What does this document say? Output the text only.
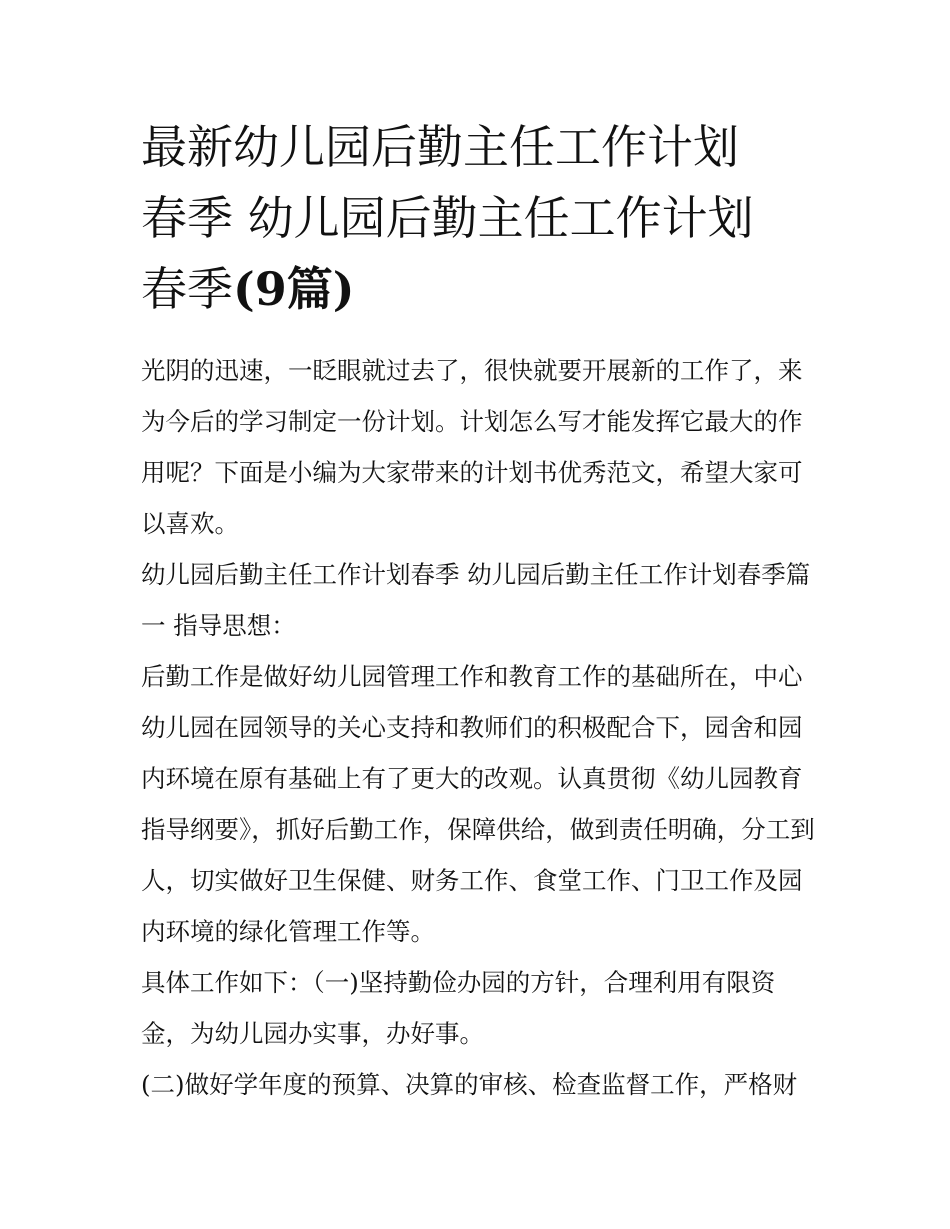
最新幼儿园后勤主任工作计划
春季 幼儿园后勤主任工作计划
春季(9篇)

光阴的迅速，一眨眼就过去了，很快就要开展新的工作了，来为今后的学习制定一份计划。计划怎么写才能发挥它最大的作用呢？下面是小编为大家带来的计划书优秀范文，希望大家可以喜欢。

幼儿园后勤主任工作计划春季 幼儿园后勤主任工作计划春季篇一 指导思想：

后勤工作是做好幼儿园管理工作和教育工作的基础所在，中心幼儿园在园领导的关心支持和教师们的积极配合下，园舍和园内环境在原有基础上有了更大的改观。认真贯彻《幼儿园教育指导纲要》，抓好后勤工作，保障供给，做到责任明确，分工到人，切实做好卫生保健、财务工作、食堂工作、门卫工作及园内环境的绿化管理工作等。

具体工作如下：（一)坚持勤俭办园的方针，合理利用有限资金，为幼儿园办实事，办好事。

(二)做好学年度的预算、决算的审核、检查监督工作，严格财
